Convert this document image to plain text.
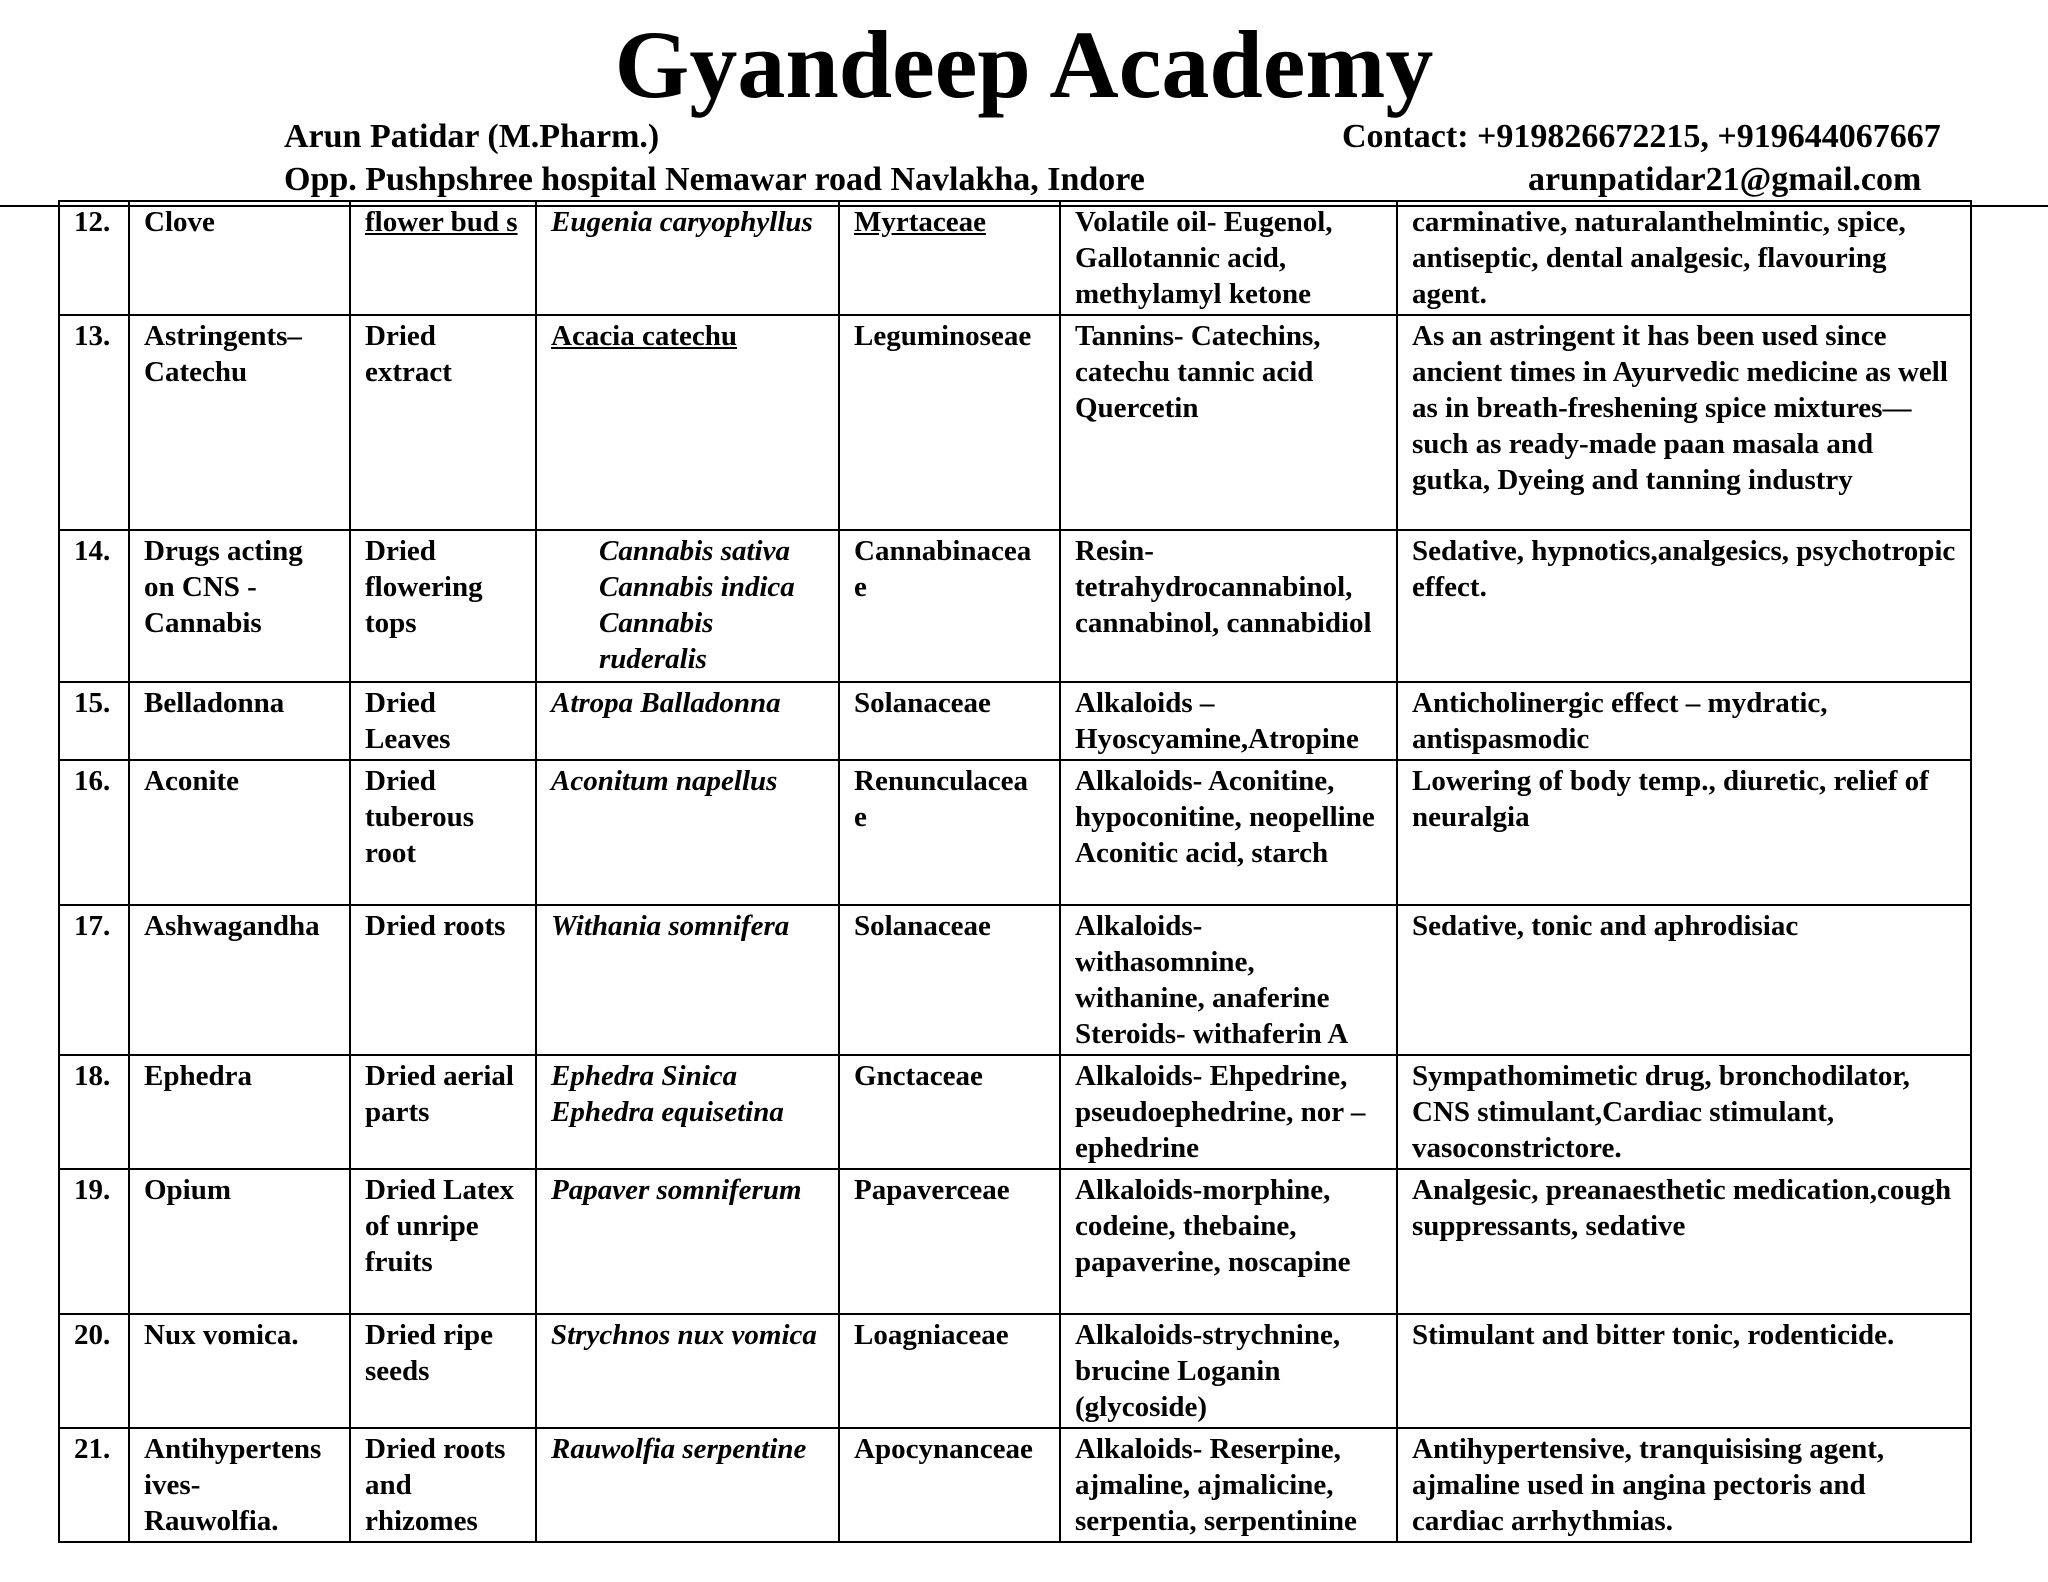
Gyandeep Academy
Arun Patidar (M.Pharm.)	Contact: +919826672215, +919644067667
Opp. Pushpshree hospital Nemawar road Navlakha, Indore	arunpatidar21@gmail.com
12.	Clove	flower bud s	Eugenia caryophyllus	Myrtaceae	Volatile oil- Eugenol, Gallotannic acid, methylamyl ketone	carminative, naturalanthelmintic, spice, antiseptic, dental analgesic, flavouring agent.
13.	Astringents– Catechu	Dried extract	Acacia catechu	Leguminoseae	Tannins- Catechins, catechu tannic acid Quercetin	As an astringent it has been used since ancient times in Ayurvedic medicine as well as in breath-freshening spice mixtures—such as ready-made paan masala and gutka, Dyeing and tanning industry
14.	Drugs acting on CNS - Cannabis	Dried flowering tops	Cannabis sativa Cannabis indica Cannabis ruderalis	Cannabinacea e	Resin- tetrahydrocannabinol, cannabinol, cannabidiol	Sedative, hypnotics,analgesics, psychotropic effect.
15.	Belladonna	Dried Leaves	Atropa Balladonna	Solanaceae	Alkaloids – Hyoscyamine,Atropine	Anticholinergic effect – mydratic, antispasmodic
16.	Aconite	Dried tuberous root	Aconitum napellus	Renunculacea e	Alkaloids- Aconitine, hypoconitine, neopelline Aconitic acid, starch	Lowering of body temp., diuretic, relief of neuralgia
17.	Ashwagandha	Dried roots	Withania somnifera	Solanaceae	Alkaloids- withasomnine, withanine, anaferine Steroids- withaferin A	Sedative, tonic and aphrodisiac
18.	Ephedra	Dried aerial parts	Ephedra Sinica Ephedra equisetina	Gnctaceae	Alkaloids- Ehpedrine, pseudoephedrine, nor –ephedrine	Sympathomimetic drug, bronchodilator, CNS stimulant,Cardiac stimulant, vasoconstrictore.
19.	Opium	Dried Latex of unripe fruits	Papaver somniferum	Papaverceae	Alkaloids-morphine, codeine, thebaine, papaverine, noscapine	Analgesic, preanaesthetic medication,cough suppressants, sedative
20.	Nux vomica.	Dried ripe seeds	Strychnos nux vomica	Loagniaceae	Alkaloids-strychnine, brucine Loganin (glycoside)	Stimulant and bitter tonic, rodenticide.
21.	Antihypertens ives- Rauwolfia.	Dried roots and rhizomes	Rauwolfia serpentine	Apocynanceae	Alkaloids- Reserpine, ajmaline, ajmalicine, serpentia, serpentinine	Antihypertensive, tranquisising agent, ajmaline used in angina pectoris and cardiac arrhythmias.
